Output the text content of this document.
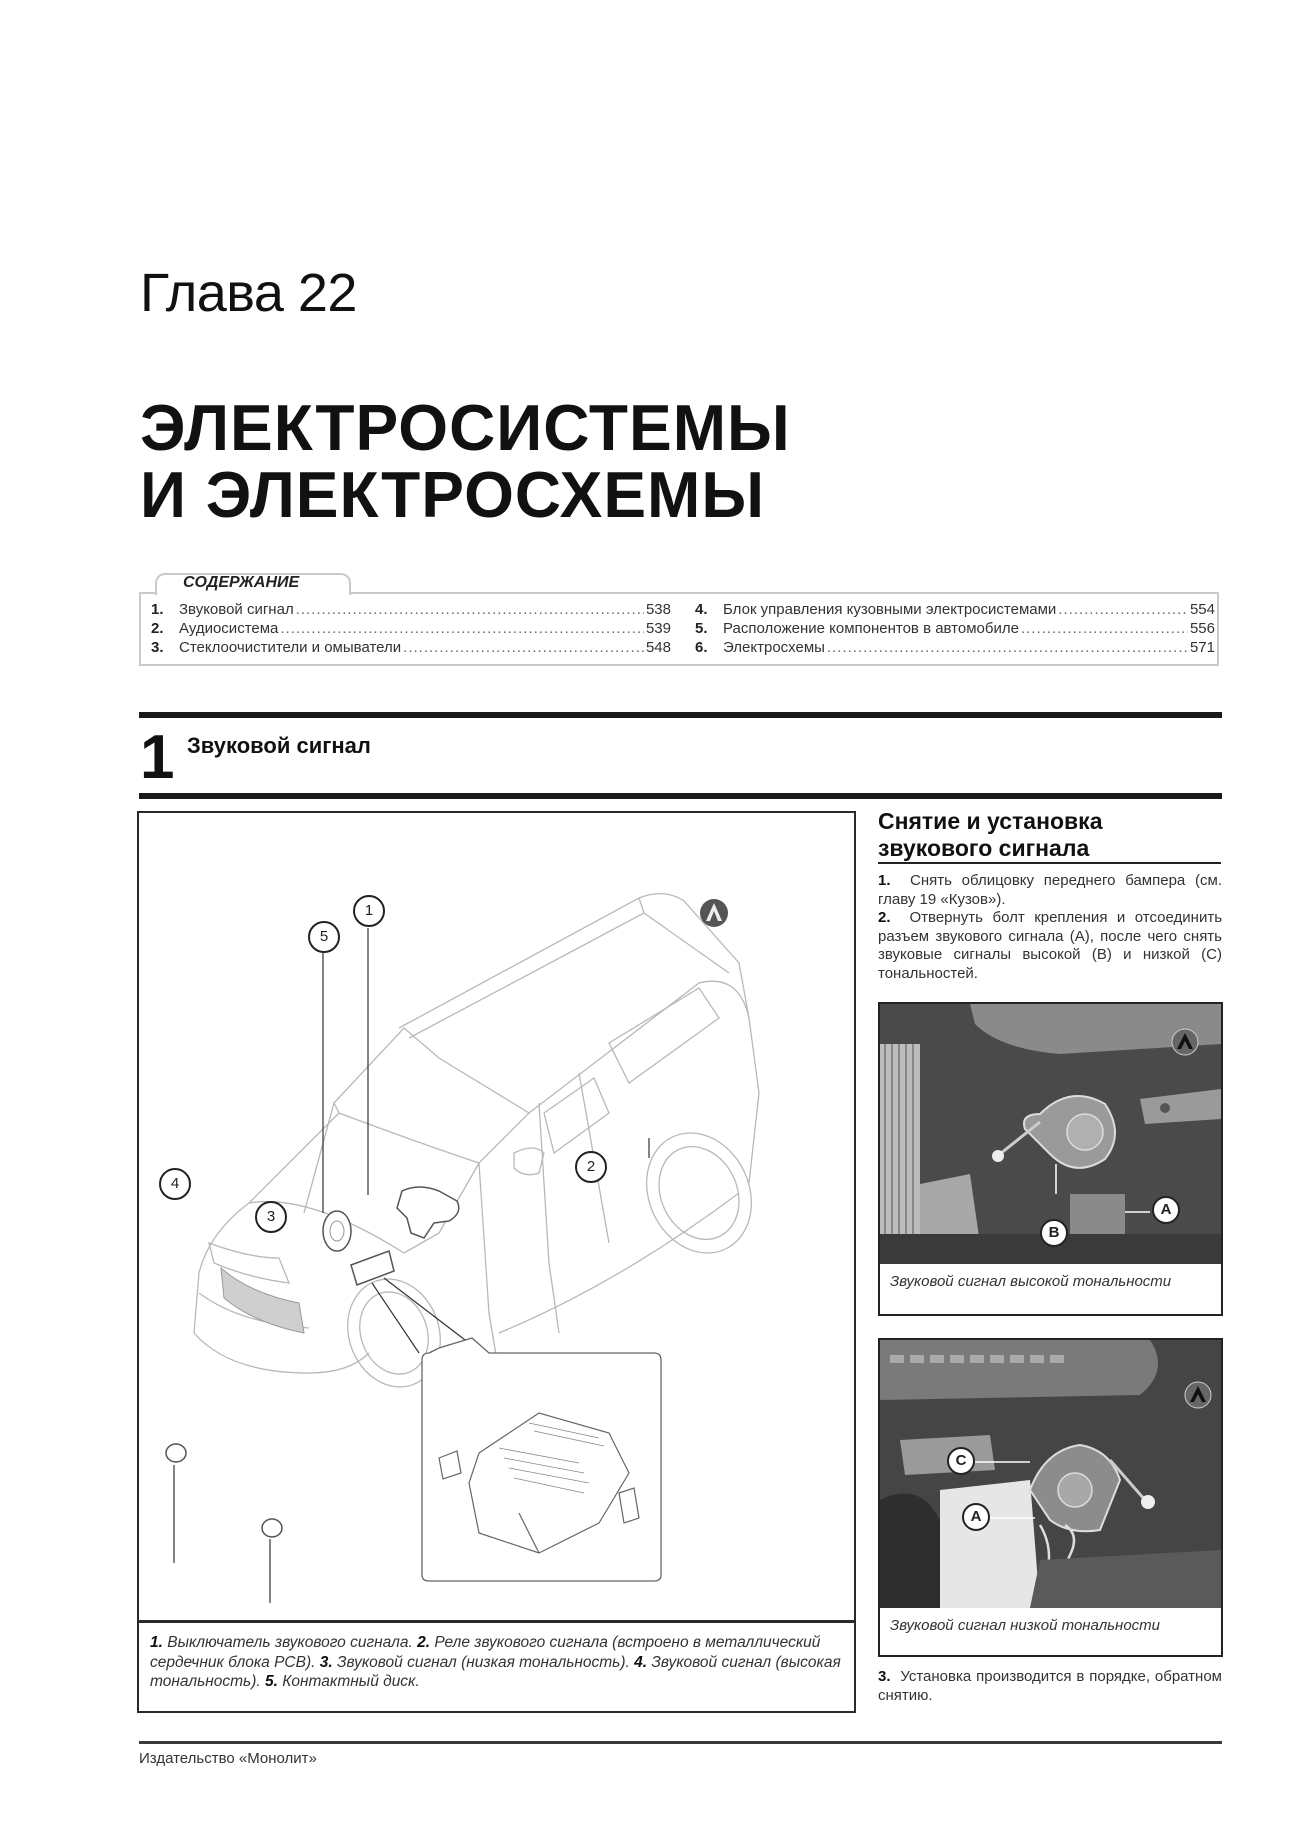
Глава 22
ЭЛЕКТРОСИСТЕМЫ
И ЭЛЕКТРОСХЕМЫ
СОДЕРЖАНИЕ
1.	Звуковой сигнал .....	538
2.	Аудиосистема .....	539
3.	Стеклоочистители и омыватели .....	548
4.	Блок управления кузовными электросистемами .....	554
5.	Расположение компонентов в автомобиле .....	556
6.	Электросхемы .....	571
1 Звуковой сигнал
1
5
2
4
3
1. Выключатель звукового сигнала. 2. Реле звукового сигнала (встроено в металлический сердечник блока PCB). 3. Звуковой сигнал (низкая тональность). 4. Звуковой сигнал (высокая тональность). 5. Контактный диск.
Снятие и установка
звукового сигнала
1. Снять облицовку переднего бампера (см. главу 19 «Кузов»).
2. Отвернуть болт крепления и отсоединить разъем звукового сигнала (A), после чего снять звуковые сигналы высокой (B) и низкой (C) тональностей.
B
A
Звуковой сигнал высокой тональности
C
A
Звуковой сигнал низкой тональности
3. Установка производится в порядке, обратном снятию.
Издательство «Монолит»
